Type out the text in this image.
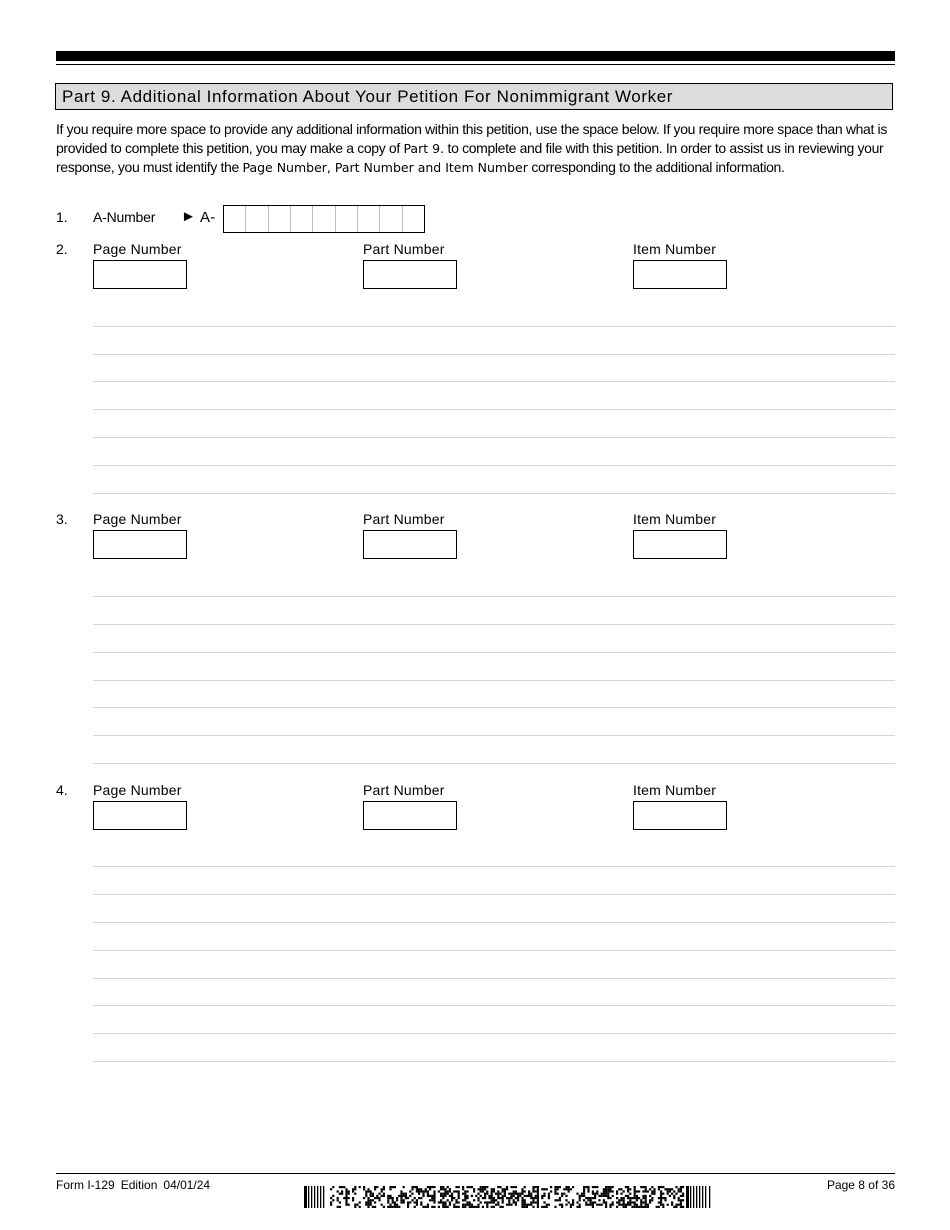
Part 9. Additional Information About Your Petition For Nonimmigrant Worker
If you require more space to provide any additional information within this petition, use the space below. If you require more space than what is provided to complete this petition, you may make a copy of Part 9. to complete and file with this petition. In order to assist us in reviewing your response, you must identify the Page Number, Part Number and Item Number corresponding to the additional information.
1. A-Number ► A-
2. Page Number	Part Number	Item Number
3. Page Number	Part Number	Item Number
4. Page Number	Part Number	Item Number
Form I-129 Edition 04/01/24	Page 8 of 36
